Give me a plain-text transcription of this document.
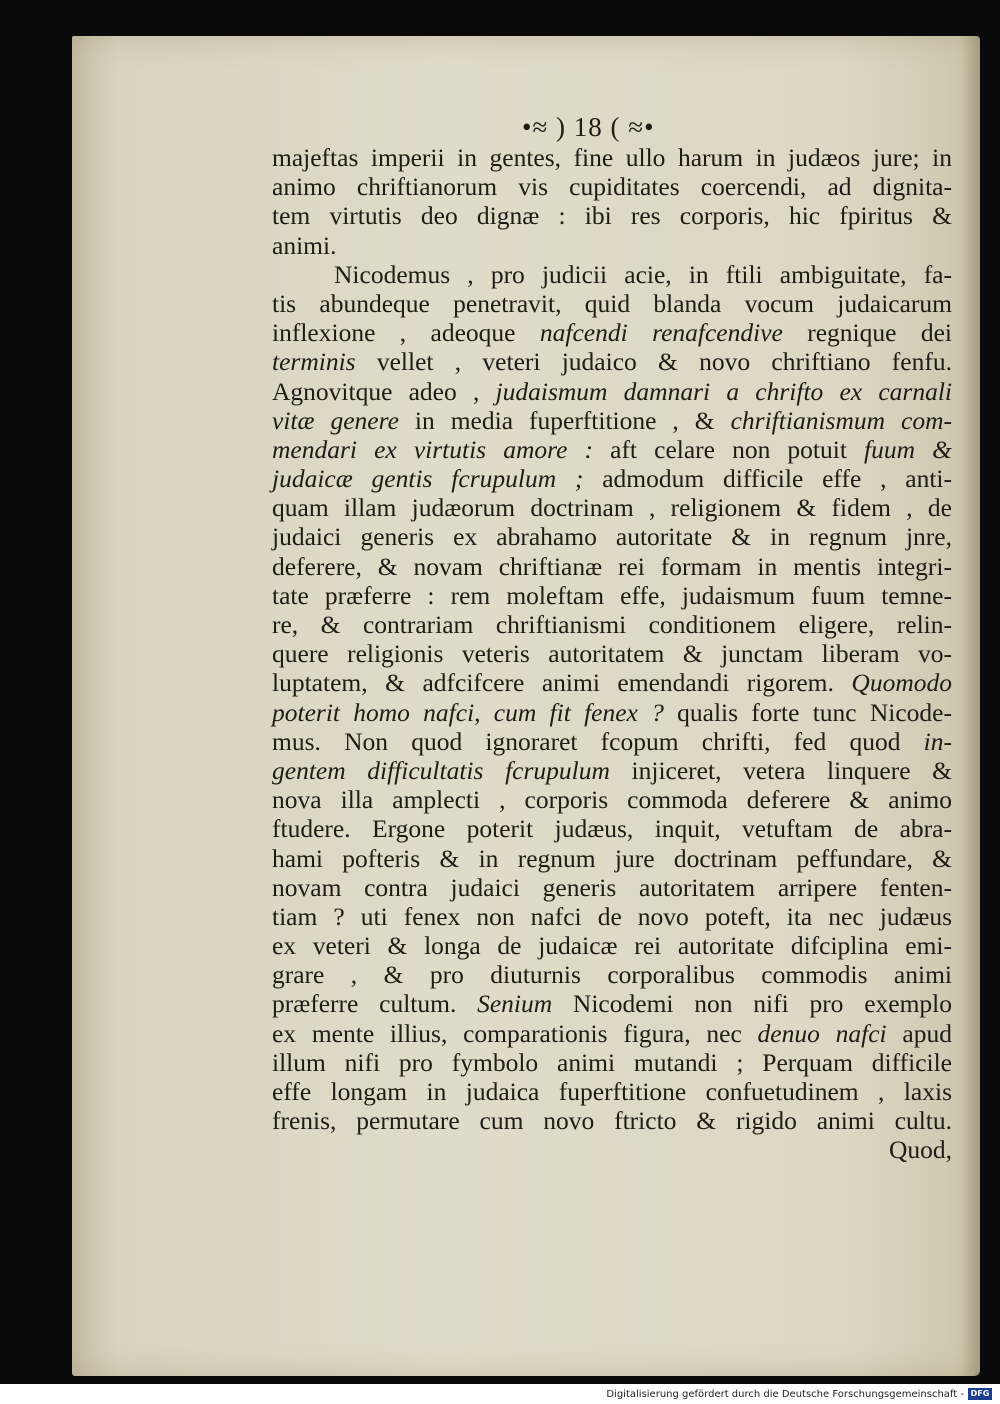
•≈ ) 18 ( ≈•
majeftas imperii in gentes, fine ullo harum in judæos jure; in
animo chriftianorum vis cupiditates coercendi, ad dignita-
tem virtutis deo dignæ : ibi res corporis, hic fpiritus &
animi.
Nicodemus , pro judicii acie, in ftili ambiguitate, fa-
tis abundeque penetravit, quid blanda vocum judaicarum
inflexione , adeoque nafcendi renafcendive regnique dei
terminis vellet , veteri judaico & novo chriftiano fenfu.
Agnovitque adeo , judaismum damnari a chrifto ex carnali
vitæ genere in media fuperftitione , & chriftianismum com-
mendari ex virtutis amore : aft celare non potuit fuum &
judaicæ gentis fcrupulum ; admodum difficile effe , anti-
quam illam judæorum doctrinam , religionem & fidem , de
judaici generis ex abrahamo autoritate & in regnum jnre,
deferere, & novam chriftianæ rei formam in mentis integri-
tate præferre : rem moleftam effe, judaismum fuum temne-
re, & contrariam chriftianismi conditionem eligere, relin-
quere religionis veteris autoritatem & junctam liberam vo-
luptatem, & adfcifcere animi emendandi rigorem. Quomodo
poterit homo nafci, cum fit fenex ? qualis forte tunc Nicode-
mus. Non quod ignoraret fcopum chrifti, fed quod in-
gentem difficultatis fcrupulum injiceret, vetera linquere &
nova illa amplecti , corporis commoda deferere & animo
ftudere. Ergone poterit judæus, inquit, vetuftam de abra-
hami pofteris & in regnum jure doctrinam peffundare, &
novam contra judaici generis autoritatem arripere fenten-
tiam ? uti fenex non nafci de novo poteft, ita nec judæus
ex veteri & longa de judaicæ rei autoritate difciplina emi-
grare , & pro diuturnis corporalibus commodis animi
præferre cultum. Senium Nicodemi non nifi pro exemplo
ex mente illius, comparationis figura, nec denuo nafci apud
illum nifi pro fymbolo animi mutandi ; Perquam difficile
effe longam in judaica fuperftitione confuetudinem , laxis
frenis, permutare cum novo ftricto & rigido animi cultu.
Quod,
Digitalisierung gefördert durch die Deutsche Forschungsgemeinschaft - DFG
